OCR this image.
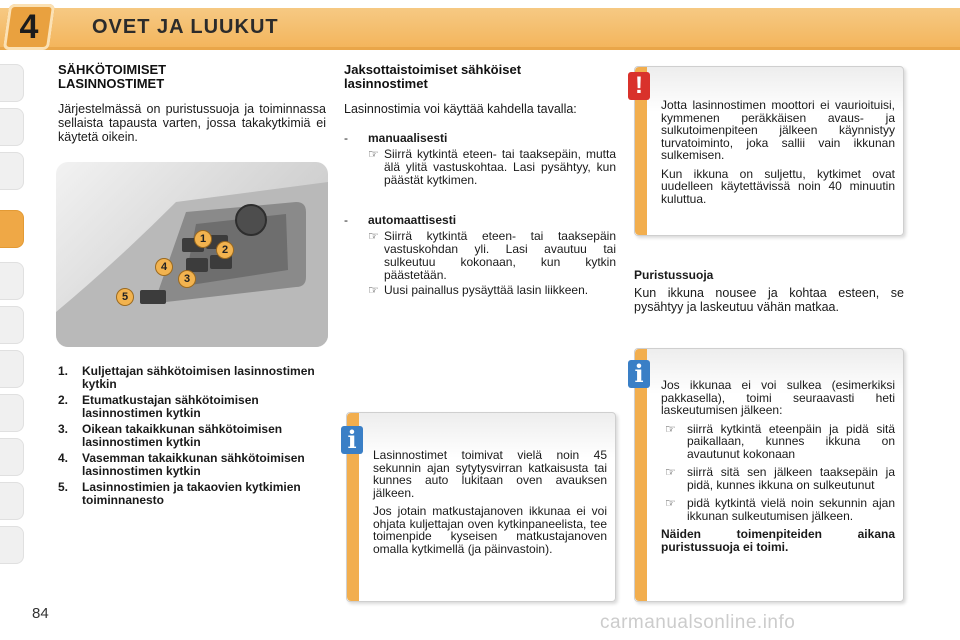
4	OVET JA LUUKUT
SÄHKÖTOIMISET
LASINNOSTIMET
Järjestelmässä on puristussuoja ja toiminnassa sellaista tapausta varten, jossa takakytkimiä ei käytetä oikein.
1
2
3
4
5
1.	Kuljettajan sähkötoimisen lasinnostimen kytkin
2.	Etumatkustajan sähkötoimisen lasinnostimen kytkin
3.	Oikean takaikkunan sähkötoimisen lasinnostimen kytkin
4.	Vasemman takaikkunan sähkötoimisen lasinnostimen kytkin
5.	Lasinnostimien ja takaovien kytkimien toiminnanesto
84
Jaksottaistoimiset sähköiset
lasinnostimet
Lasinnostimia voi käyttää kahdella tavalla:
- manuaalisesti
☞ Siirrä kytkintä eteen- tai taaksepäin, mutta älä ylitä vastuskohtaa. Lasi pysähtyy, kun päästät kytkimen.
- automaattisesti
☞ Siirrä kytkintä eteen- tai taaksepäin vastuskohdan yli. Lasi avautuu tai sulkeutuu kokonaan, kun kytkin päästetään.
☞ Uusi painallus pysäyttää lasin liikkeen.

Lasinnostimet toimivat vielä noin 45 sekunnin ajan sytytysvirran katkaisusta tai kunnes auto lukitaan oven avauksen jälkeen.

Jos jotain matkustajanoven ikkunaa ei voi ohjata kuljettajan oven kytkinpaneelista, tee toimenpide kyseisen matkustajanoven omalla kytkimellä (ja päinvastoin).

i

Jotta lasinnostimen moottori ei vaurioituisi, kymmenen peräkkäisen avaus- ja sulkutoimenpiteen jälkeen käynnistyy turvatoiminto, joka sallii vain ikkunan sulkemisen.

Kun ikkuna on suljettu, kytkimet ovat uudelleen käytettävissä noin 40 minuutin kuluttua.

!
Puristussuoja
Kun ikkuna nousee ja kohtaa esteen, se pysähtyy ja laskeutuu vähän matkaa.

Jos ikkunaa ei voi sulkea (esimerkiksi pakkasella), toimi seuraavasti heti laskeutumisen jälkeen:

☞ siirrä kytkintä eteenpäin ja pidä sitä paikallaan, kunnes ikkuna on avautunut kokonaan
☞ siirrä sitä sen jälkeen taaksepäin ja pidä, kunnes ikkuna on sulkeutunut
☞ pidä kytkintä vielä noin sekunnin ajan ikkunan sulkeutumisen jälkeen.

Näiden toimenpiteiden aikana puristussuoja ei toimi.

i
carmanualsonline.info
